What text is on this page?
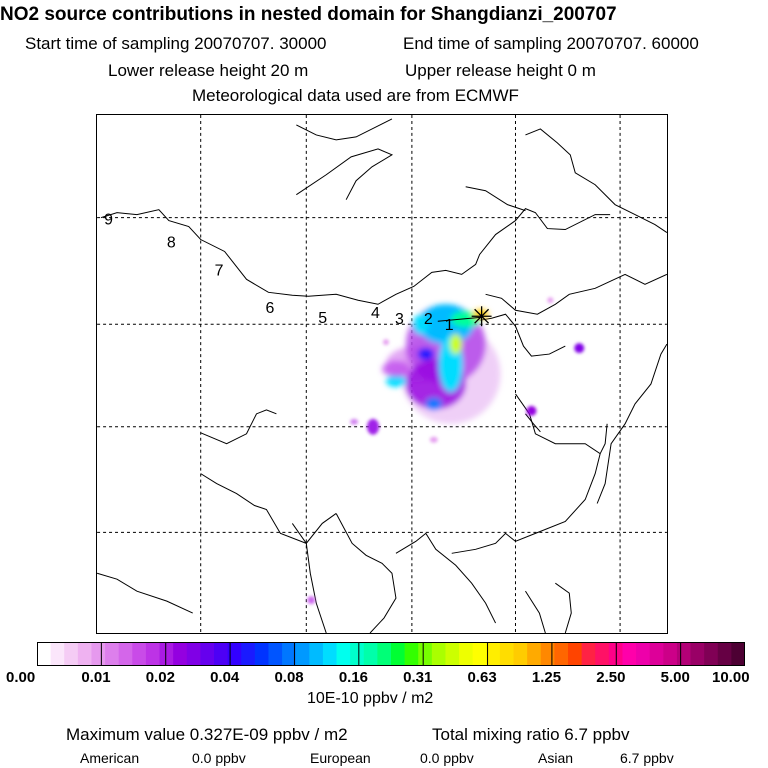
NO2 source contributions in nested domain for Shangdianzi_200707
Start time of sampling 20070707. 30000	End time of sampling 20070707. 60000
Lower release height 20 m	Upper release height 0 m
Meteorological data used are from ECMWF
9
8
7
6
5	4 3 2 1
0.00	0.01 0.02 0.04 0.08 0.16 0.31 0.63 1.25 2.50 5.00 10.00
10E-10 ppbv / m2
Maximum value 0.327E-09 ppbv / m2	Total mixing ratio 6.7 ppbv
American	0.0 ppbv	European	0.0 ppbv	Asian	6.7 ppbv
